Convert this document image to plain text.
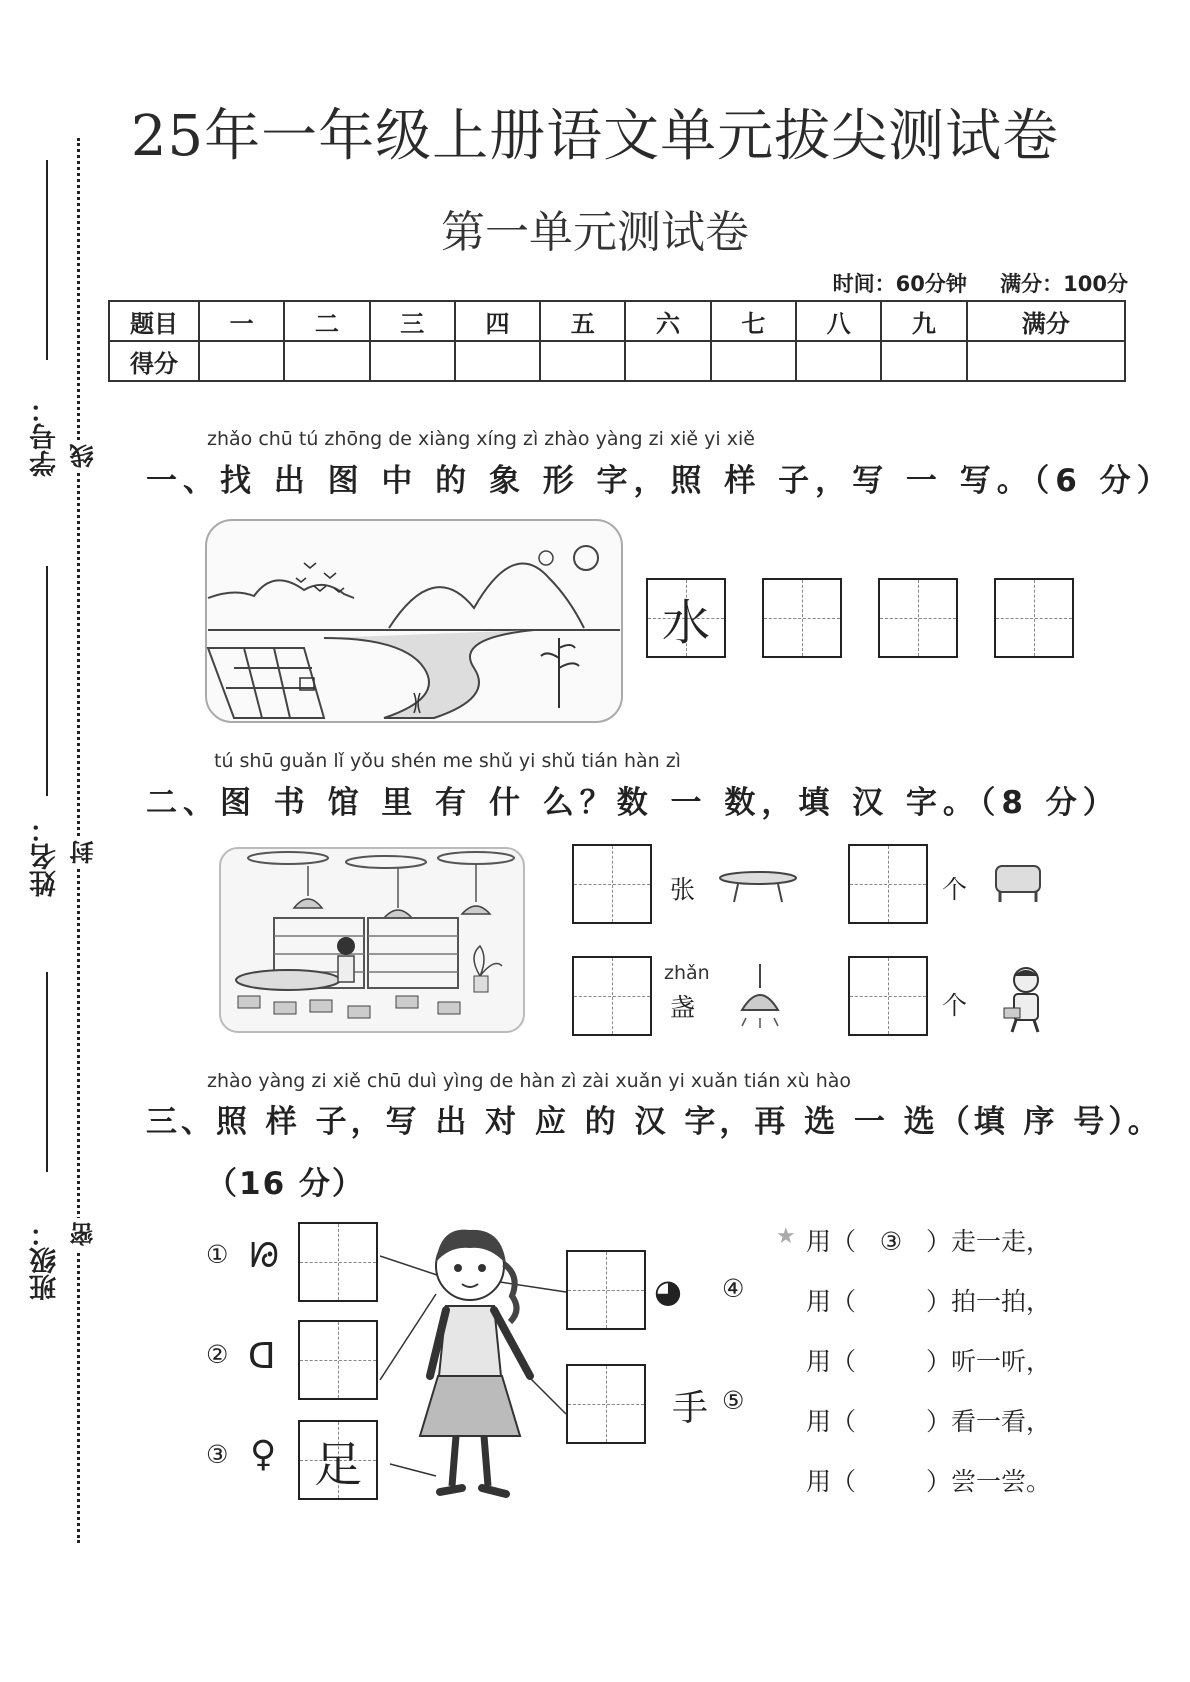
25年一年级上册语文单元拔尖测试卷
第一单元测试卷
时间：60分钟 满分：100分
题目	一	二	三	四	五	六	七	八	九	满分
得分										
学号：
姓名：
班级：
线
封
密
zhǎo chū tú zhōng de xiàng xíng zì zhào yàng zi xiě yi xiě
一、找 出 图 中 的 象 形 字，照 样 子，写 一 写。（6 分）
水
tú shū guǎn lǐ yǒu shén me shǔ yi shǔ tián hàn zì
二、图 书 馆 里 有 什 么？数 一 数，填 汉 字。（8 分）
张	个
zhǎn
盏	个
zhào yàng zi xiě chū duì yìng de hàn zì zài xuǎn yi xuǎn tián xù hào
三、照 样 子，写 出 对 应 的 汉 字，再 选 一 选（填 序 号）。
（16 分）
① ᘙ
② ᗡ
③ ♀ 足
◕ ④
手 ⑤
★ 用（ ③ ）走一走，
用（	）拍一拍，
用（	）听一听，
用（	）看一看，
用（	）尝一尝。
